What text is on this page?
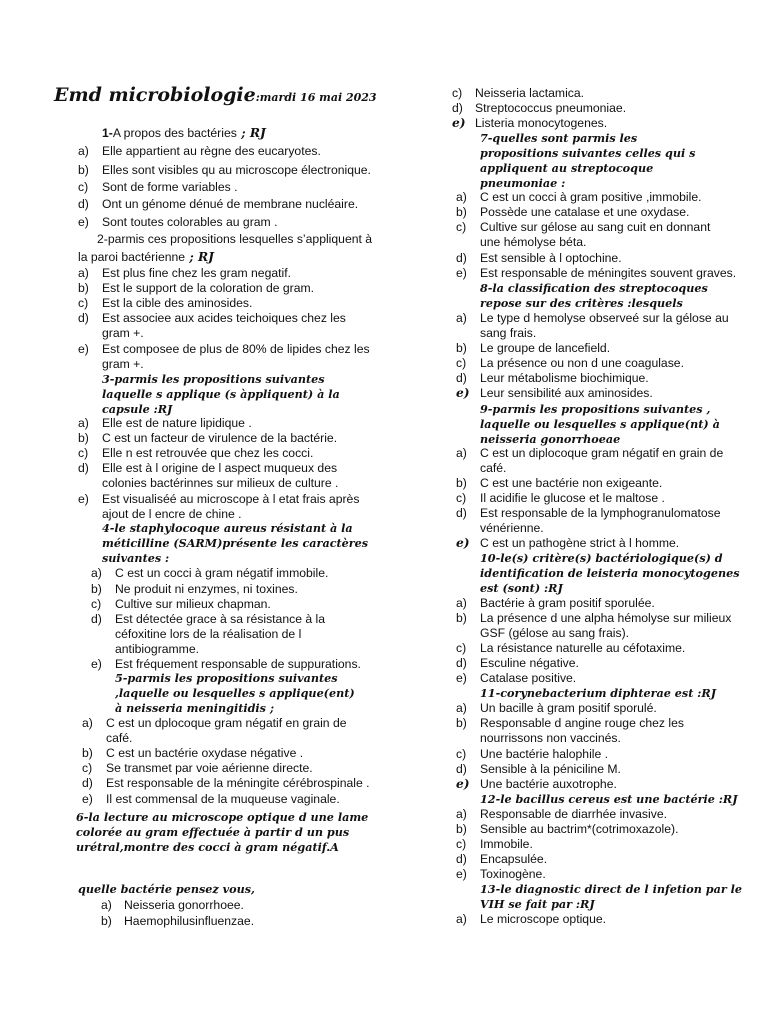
Emd microbiologie:mardi 16 mai 2023
1-A propos des bactéries ; RJ
a) Elle appartient au règne des eucaryotes.
b) Elles sont visibles qu au microscope électronique.
c) Sont de forme variables .
d) Ont un génome dénué de membrane nucléaire.
e) Sont toutes colorables au gram .
2-parmis ces propositions lesquelles s’appliquent à
la paroi bactérienne ; RJ
a) Est plus fine chez les gram negatif.
b) Est le support de la coloration de gram.
c) Est la cible des aminosides.
d) Est associee aux acides teichoiques chez les
gram +.
e) Est composee de plus de 80% de lipides chez les
gram +.
3-parmis les propositions suivantes
laquelle s applique (s àppliquent) à la
capsule :RJ
a) Elle est de nature lipidique .
b) C est un facteur de virulence de la bactérie.
c) Elle n est retrouvée que chez les cocci.
d) Elle est à l origine de l aspect muqueux des
colonies bactérinnes sur milieux de culture .
e) Est visualiséé au microscope à l etat frais après
ajout de l encre de chine .
4-le staphylocoque aureus résistant à la
méticilline (SARM)présente les caractères
suivantes :
a) C est un cocci à gram négatif immobile.
b) Ne produit ni enzymes, ni toxines.
c) Cultive sur milieux chapman.
d) Est détectée grace à sa résistance à la
céfoxitine lors de la réalisation de l
antibiogramme.
e) Est fréquement responsable de suppurations.
5-parmis les propositions suivantes
,laquelle ou lesquelles s applique(ent)
à neisseria meningitidis ;
a) C est un dplocoque gram négatif en grain de
café.
b) C est un bactérie oxydase négative .
c) Se transmet par voie aérienne directe.
d) Est responsable de la méningite cérébrospinale .
e) Il est commensal de la muqueuse vaginale.
6-la lecture au microscope optique d une lame
colorée au gram effectuée à partir d un pus
urétral,montre des cocci à gram négatif.A
quelle bactérie pensez vous,
a) Neisseria gonorrhoee.
b) Haemophilusinfluenzae.
c) Neisseria lactamica.
d) Streptococcus pneumoniae.
e) Listeria monocytogenes.
7-quelles sont parmis les
propositions suivantes celles qui s
appliquent au streptocoque
pneumoniae :
a) C est un cocci à gram positive ,immobile.
b) Possède une catalase et une oxydase.
c) Cultive sur gélose au sang cuit en donnant
une hémolyse béta.
d) Est sensible à l optochine.
e) Est responsable de méningites souvent graves.
8-la classification des streptocoques
repose sur des critères :lesquels
a) Le type d hemolyse observeé sur la gélose au
sang frais.
b) Le groupe de lancefield.
c) La présence ou non d une coagulase.
d) Leur métabolisme biochimique.
e) Leur sensibilité aux aminosides.
9-parmis les propositions suivantes ,
laquelle ou lesquelles s applique(nt) à
neisseria gonorrhoeae
a) C est un diplocoque gram négatif en grain de
café.
b) C est une bactérie non exigeante.
c) Il acidifie le glucose et le maltose .
d) Est responsable de la lymphogranulomatose
vénérienne.
e) C est un pathogène strict à l homme.
10-le(s) critère(s) bactériologique(s) d
identification de leisteria monocytogenes
est (sont) :RJ
a) Bactérie à gram positif sporulée.
b) La présence d une alpha hémolyse sur milieux
GSF (gélose au sang frais).
c) La résistance naturelle au céfotaxime.
d) Esculine négative.
e) Catalase positive.
11-corynebacterium diphterae est :RJ
a) Un bacille à gram positif sporulé.
b) Responsable d angine rouge chez les
nourrissons non vaccinés.
c) Une bactérie halophile .
d) Sensible à la péniciline M.
e) Une bactérie auxotrophe.
12-le bacillus cereus est une bactérie :RJ
a) Responsable de diarrhée invasive.
b) Sensible au bactrim*(cotrimoxazole).
c) Immobile.
d) Encapsulée.
e) Toxinogène.
13-le diagnostic direct de l infetion par le
VIH se fait par :RJ
a) Le microscope optique.
